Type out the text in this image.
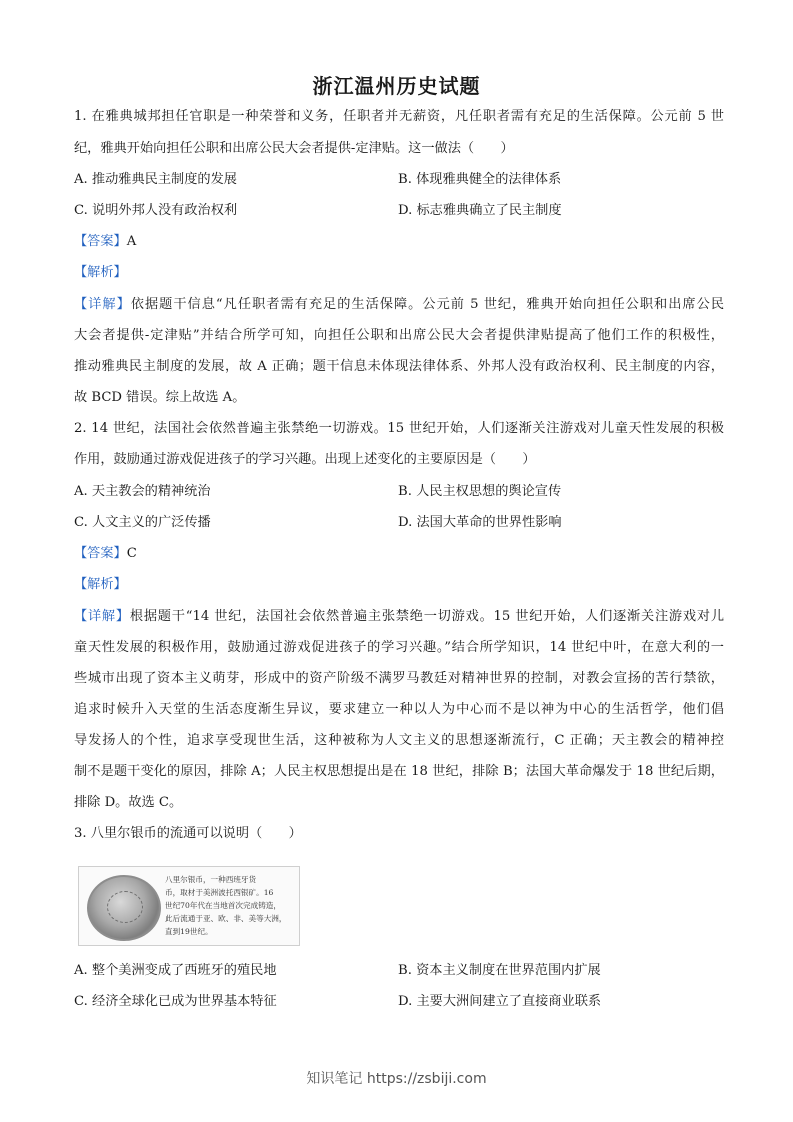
浙江温州历史试题
1. 在雅典城邦担任官职是一种荣誉和义务，任职者并无薪资，凡任职者需有充足的生活保障。公元前 5 世
纪，雅典开始向担任公职和出席公民大会者提供-定津贴。这一做法（　　）
A. 推动雅典民主制度的发展	B. 体现雅典健全的法律体系
C. 说明外邦人没有政治权利	D. 标志雅典确立了民主制度
【答案】A
【解析】
【详解】依据题干信息“凡任职者需有充足的生活保障。公元前 5 世纪，雅典开始向担任公职和出席公民
大会者提供-定津贴”并结合所学可知，向担任公职和出席公民大会者提供津贴提高了他们工作的积极性，
推动雅典民主制度的发展，故 A 正确；题干信息未体现法律体系、外邦人没有政治权利、民主制度的内容，
故 BCD 错误。综上故选 A。
2. 14 世纪，法国社会依然普遍主张禁绝一切游戏。15 世纪开始，人们逐渐关注游戏对儿童天性发展的积极
作用，鼓励通过游戏促进孩子的学习兴趣。出现上述变化的主要原因是（　　）
A. 天主教会的精神统治	B. 人民主权思想的舆论宣传
C. 人文主义的广泛传播	D. 法国大革命的世界性影响
【答案】C
【解析】
【详解】根据题干“14 世纪，法国社会依然普遍主张禁绝一切游戏。15 世纪开始，人们逐渐关注游戏对儿
童天性发展的积极作用，鼓励通过游戏促进孩子的学习兴趣。”结合所学知识，14 世纪中叶，在意大利的一
些城市出现了资本主义萌芽，形成中的资产阶级不满罗马教廷对精神世界的控制，对教会宣扬的苦行禁欲，
追求时候升入天堂的生活态度渐生异议，要求建立一种以人为中心而不是以神为中心的生活哲学，他们倡
导发扬人的个性，追求享受现世生活，这种被称为人文主义的思想逐渐流行，C 正确；天主教会的精神控
制不是题干变化的原因，排除 A；人民主权思想提出是在 18 世纪，排除 B；法国大革命爆发于 18 世纪后期，
排除 D。故选 C。
3. 八里尔银币的流通可以说明（　　）
八里尔银币，一种西班牙货
币，取材于美洲波托西银矿。16
世纪70年代在当地首次完成铸造，
此后流通于亚、欧、非、美等大洲，
直到19世纪。
A. 整个美洲变成了西班牙的殖民地	B. 资本主义制度在世界范围内扩展
C. 经济全球化已成为世界基本特征	D. 主要大洲间建立了直接商业联系
知识笔记 https://zsbiji.com
